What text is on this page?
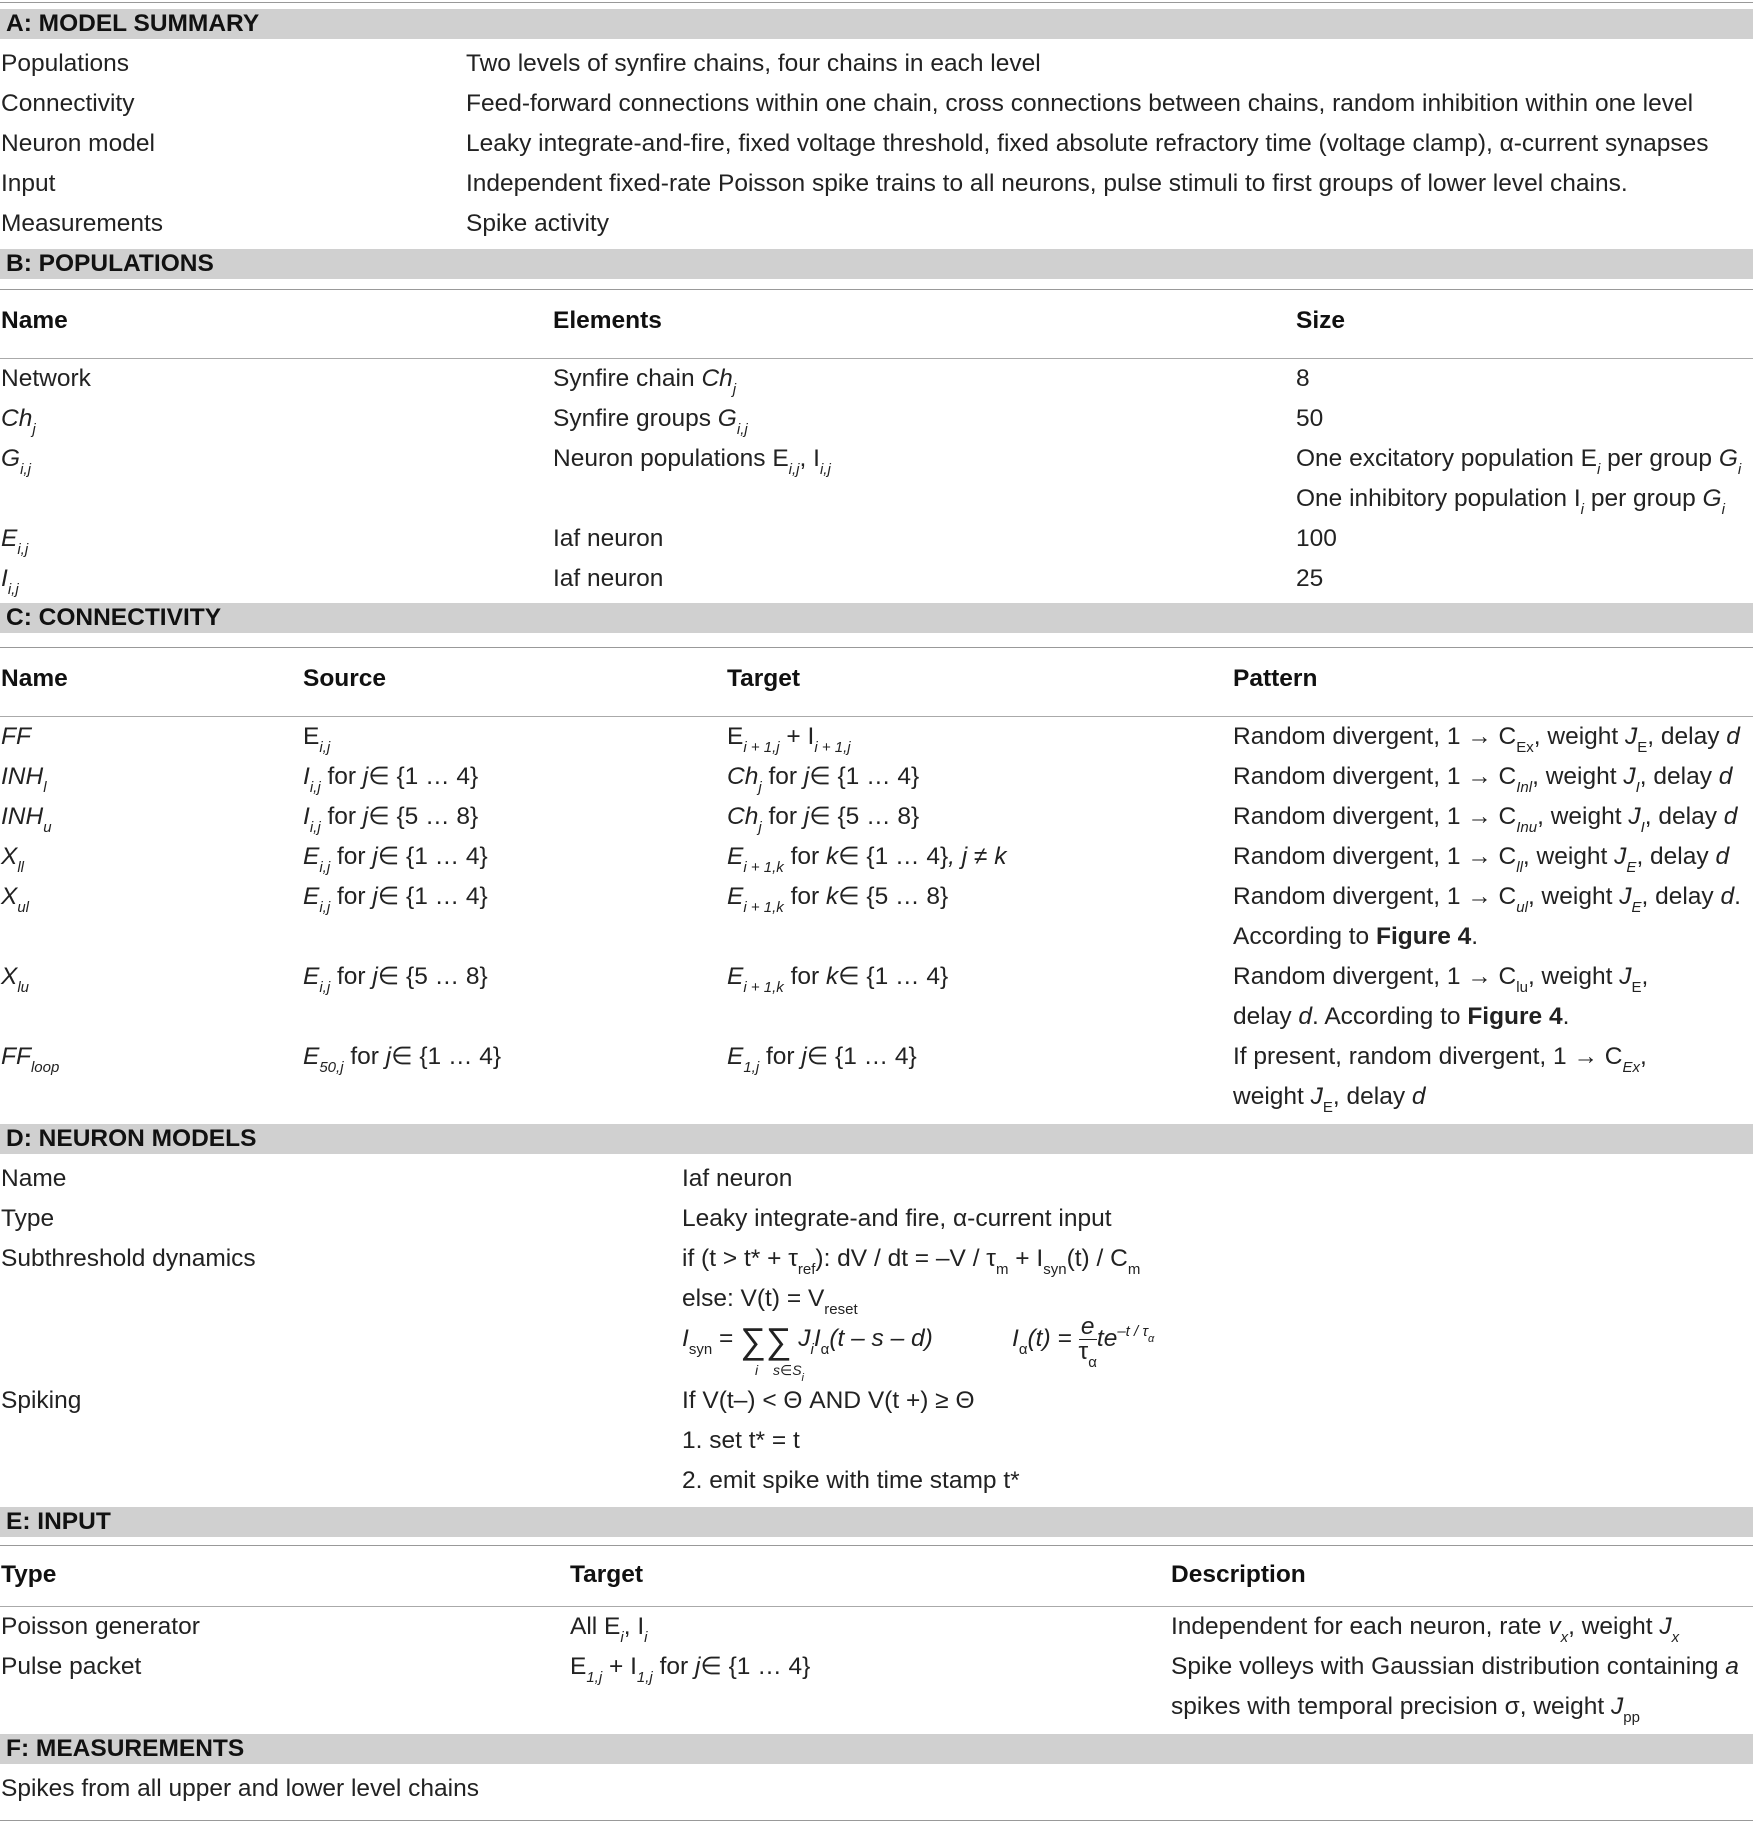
A: MODEL SUMMARY
Populations	Two levels of synfire chains, four chains in each level
Connectivity	Feed-forward connections within one chain, cross connections between chains, random inhibition within one level
Neuron model	Leaky integrate-and-fire, fixed voltage threshold, fixed absolute refractory time (voltage clamp), α-current synapses
Input	Independent fixed-rate Poisson spike trains to all neurons, pulse stimuli to first groups of lower level chains.
Measurements	Spike activity
B: POPULATIONS
Name	Elements	Size
Network	Synfire chain $Ch_j$	8
$Ch_j$	Synfire groups $G_{i,j}$	50
$G_{i,j}$	Neuron populations $E_{i,j}$, $I_{i,j}$	One excitatory population $E_i$ per group $G_i$
One inhibitory population $I_i$ per group $G_i$
$E_{i,j}$	Iaf neuron	100
$I_{i,j}$	Iaf neuron	25
C: CONNECTIVITY
Name	Source	Target	Pattern
FF	$E_{i,j}$	$E_{i + 1,j} + I_{i + 1,j}$	Random divergent, $1 \to C_{Ex}$, weight $J_E$, delay d
$INH_l$	$I_{i,j}$ for j∈ {1 … 4}	$Ch_j$ for j∈ {1 … 4}	Random divergent, $1 \to C_{Inl}$, weight $J_I$, delay d
$INH_u$	$I_{i,j}$ for j∈ {5 … 8}	$Ch_j$ for j∈ {5 … 8}	Random divergent, $1 \to C_{Inu}$, weight $J_I$, delay d
$X_{ll}$	$E_{i,j}$ for j∈ {1 … 4}	$E_{i + 1,k}$ for k∈ {1 … 4}, j ≠ k	Random divergent, $1 \to C_{ll}$, weight $J_E$, delay d
$X_{ul}$	$E_{i,j}$ for j∈ {1 … 4}	$E_{i + 1,k}$ for k∈ {5 … 8}	Random divergent, $1 \to C_{ul}$, weight $J_E$, delay d.
According to Figure 4.
$X_{lu}$	$E_{i,j}$ for j∈ {5 … 8}	$E_{i + 1,k}$ for k∈ {1 … 4}	Random divergent, $1 \to C_{lu}$, weight $J_E$,
delay d. According to Figure 4.
$FF_{loop}$	$E_{50,j}$ for j∈ {1 … 4}	$E_{1,j}$ for j∈ {1 … 4}	If present, random divergent, $1 \to C_{Ex}$,
weight $J_E$, delay d
D: NEURON MODELS
Name	Iaf neuron
Type	Leaky integrate-and fire, α-current input
Subthreshold dynamics	if $(t > t* + \tau_{ref})$: dV / dt = $-V / \tau_m + I_{syn}(t) / C_m$
else: $V(t) = V_{reset}$
$I_{syn}$ = ∑∑ $J_iI_\alpha(t$ – s – d)
i $s\in S_i$
$I_\alpha(t) = \frac{e}{\tau_\alpha} te^{-t / \tau_\alpha}$
Spiking	If V(t–) < Θ AND V(t +) ≥ Θ
1. set t* = t
2. emit spike with time stamp t*
E: INPUT
Type	Target	Description
Poisson generator	All $E_i$, $I_i$	Independent for each neuron, rate $v_x$, weight $J_x$
Pulse packet	$E_{1,j} + I_{1,j}$ for j∈ {1 … 4}	Spike volleys with Gaussian distribution containing a
spikes with temporal precision σ, weight $J_{pp}$
F: MEASUREMENTS
Spikes from all upper and lower level chains
